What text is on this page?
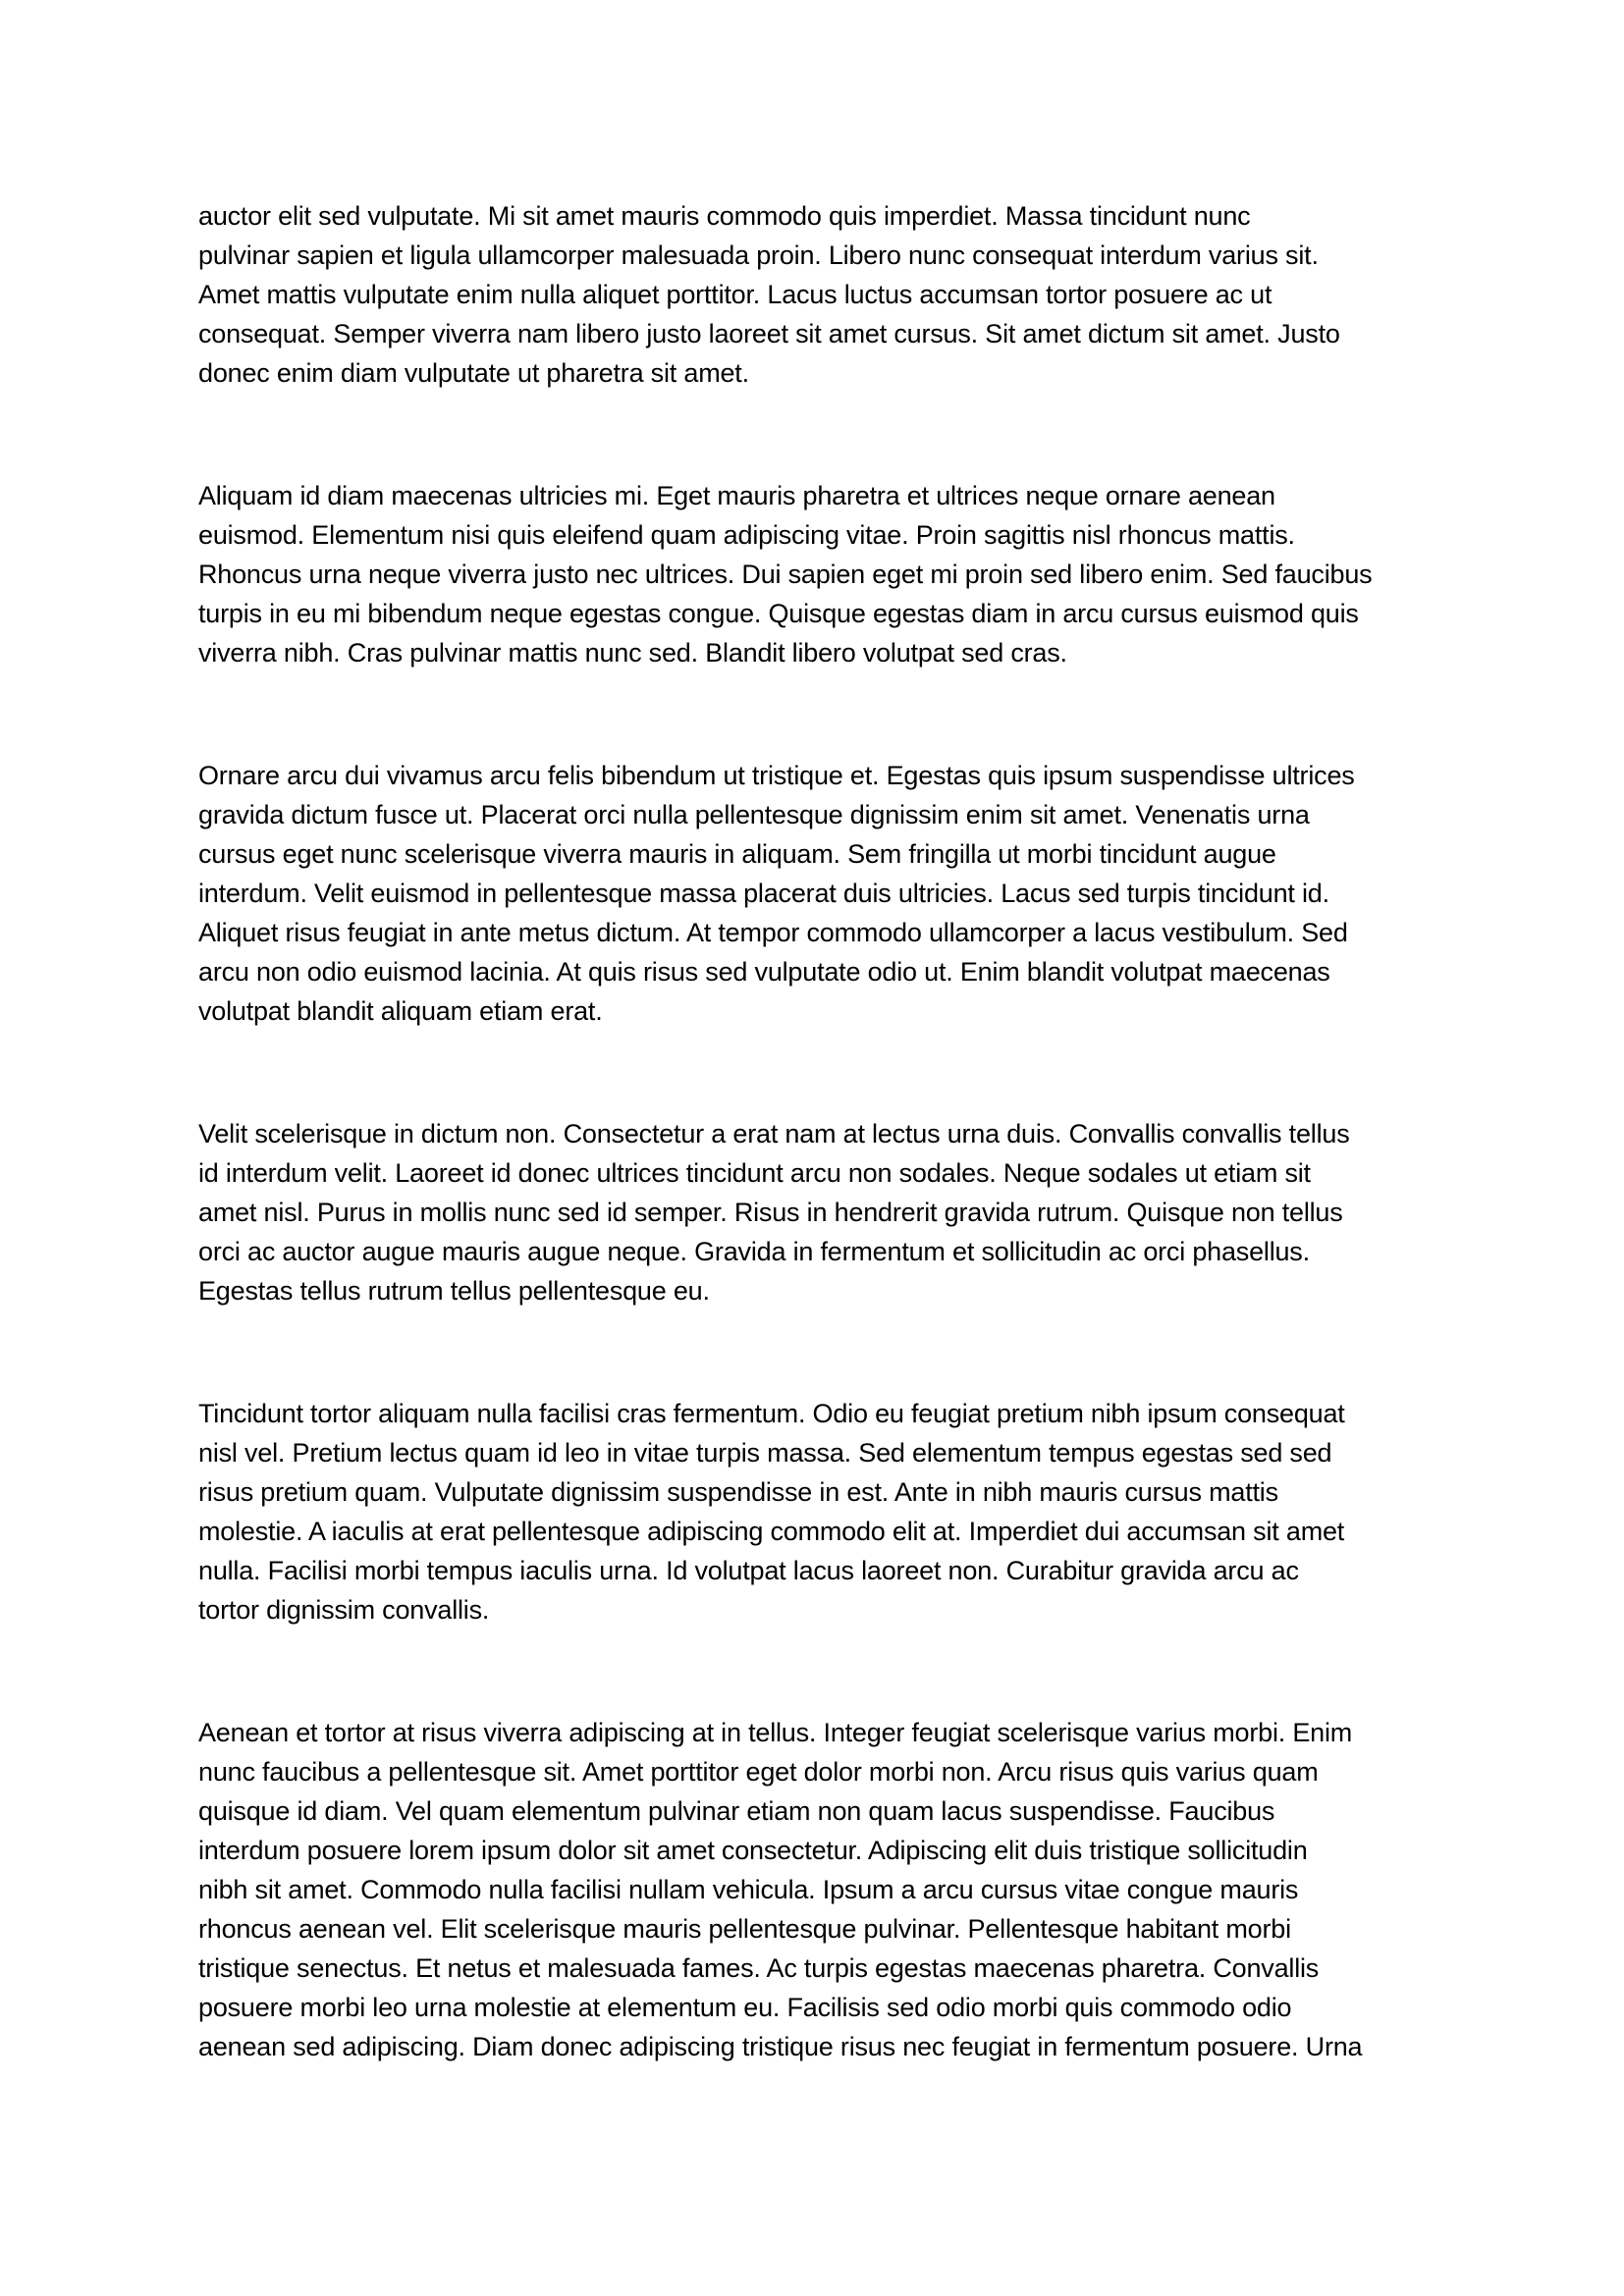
auctor elit sed vulputate. Mi sit amet mauris commodo quis imperdiet. Massa tincidunt nunc
pulvinar sapien et ligula ullamcorper malesuada proin. Libero nunc consequat interdum varius sit.
Amet mattis vulputate enim nulla aliquet porttitor. Lacus luctus accumsan tortor posuere ac ut
consequat. Semper viverra nam libero justo laoreet sit amet cursus. Sit amet dictum sit amet. Justo
donec enim diam vulputate ut pharetra sit amet.

Aliquam id diam maecenas ultricies mi. Eget mauris pharetra et ultrices neque ornare aenean
euismod. Elementum nisi quis eleifend quam adipiscing vitae. Proin sagittis nisl rhoncus mattis.
Rhoncus urna neque viverra justo nec ultrices. Dui sapien eget mi proin sed libero enim. Sed faucibus
turpis in eu mi bibendum neque egestas congue. Quisque egestas diam in arcu cursus euismod quis
viverra nibh. Cras pulvinar mattis nunc sed. Blandit libero volutpat sed cras.

Ornare arcu dui vivamus arcu felis bibendum ut tristique et. Egestas quis ipsum suspendisse ultrices
gravida dictum fusce ut. Placerat orci nulla pellentesque dignissim enim sit amet. Venenatis urna
cursus eget nunc scelerisque viverra mauris in aliquam. Sem fringilla ut morbi tincidunt augue
interdum. Velit euismod in pellentesque massa placerat duis ultricies. Lacus sed turpis tincidunt id.
Aliquet risus feugiat in ante metus dictum. At tempor commodo ullamcorper a lacus vestibulum. Sed
arcu non odio euismod lacinia. At quis risus sed vulputate odio ut. Enim blandit volutpat maecenas
volutpat blandit aliquam etiam erat.

Velit scelerisque in dictum non. Consectetur a erat nam at lectus urna duis. Convallis convallis tellus
id interdum velit. Laoreet id donec ultrices tincidunt arcu non sodales. Neque sodales ut etiam sit
amet nisl. Purus in mollis nunc sed id semper. Risus in hendrerit gravida rutrum. Quisque non tellus
orci ac auctor augue mauris augue neque. Gravida in fermentum et sollicitudin ac orci phasellus.
Egestas tellus rutrum tellus pellentesque eu.

Tincidunt tortor aliquam nulla facilisi cras fermentum. Odio eu feugiat pretium nibh ipsum consequat
nisl vel. Pretium lectus quam id leo in vitae turpis massa. Sed elementum tempus egestas sed sed
risus pretium quam. Vulputate dignissim suspendisse in est. Ante in nibh mauris cursus mattis
molestie. A iaculis at erat pellentesque adipiscing commodo elit at. Imperdiet dui accumsan sit amet
nulla. Facilisi morbi tempus iaculis urna. Id volutpat lacus laoreet non. Curabitur gravida arcu ac
tortor dignissim convallis.

Aenean et tortor at risus viverra adipiscing at in tellus. Integer feugiat scelerisque varius morbi. Enim
nunc faucibus a pellentesque sit. Amet porttitor eget dolor morbi non. Arcu risus quis varius quam
quisque id diam. Vel quam elementum pulvinar etiam non quam lacus suspendisse. Faucibus
interdum posuere lorem ipsum dolor sit amet consectetur. Adipiscing elit duis tristique sollicitudin
nibh sit amet. Commodo nulla facilisi nullam vehicula. Ipsum a arcu cursus vitae congue mauris
rhoncus aenean vel. Elit scelerisque mauris pellentesque pulvinar. Pellentesque habitant morbi
tristique senectus. Et netus et malesuada fames. Ac turpis egestas maecenas pharetra. Convallis
posuere morbi leo urna molestie at elementum eu. Facilisis sed odio morbi quis commodo odio
aenean sed adipiscing. Diam donec adipiscing tristique risus nec feugiat in fermentum posuere. Urna
